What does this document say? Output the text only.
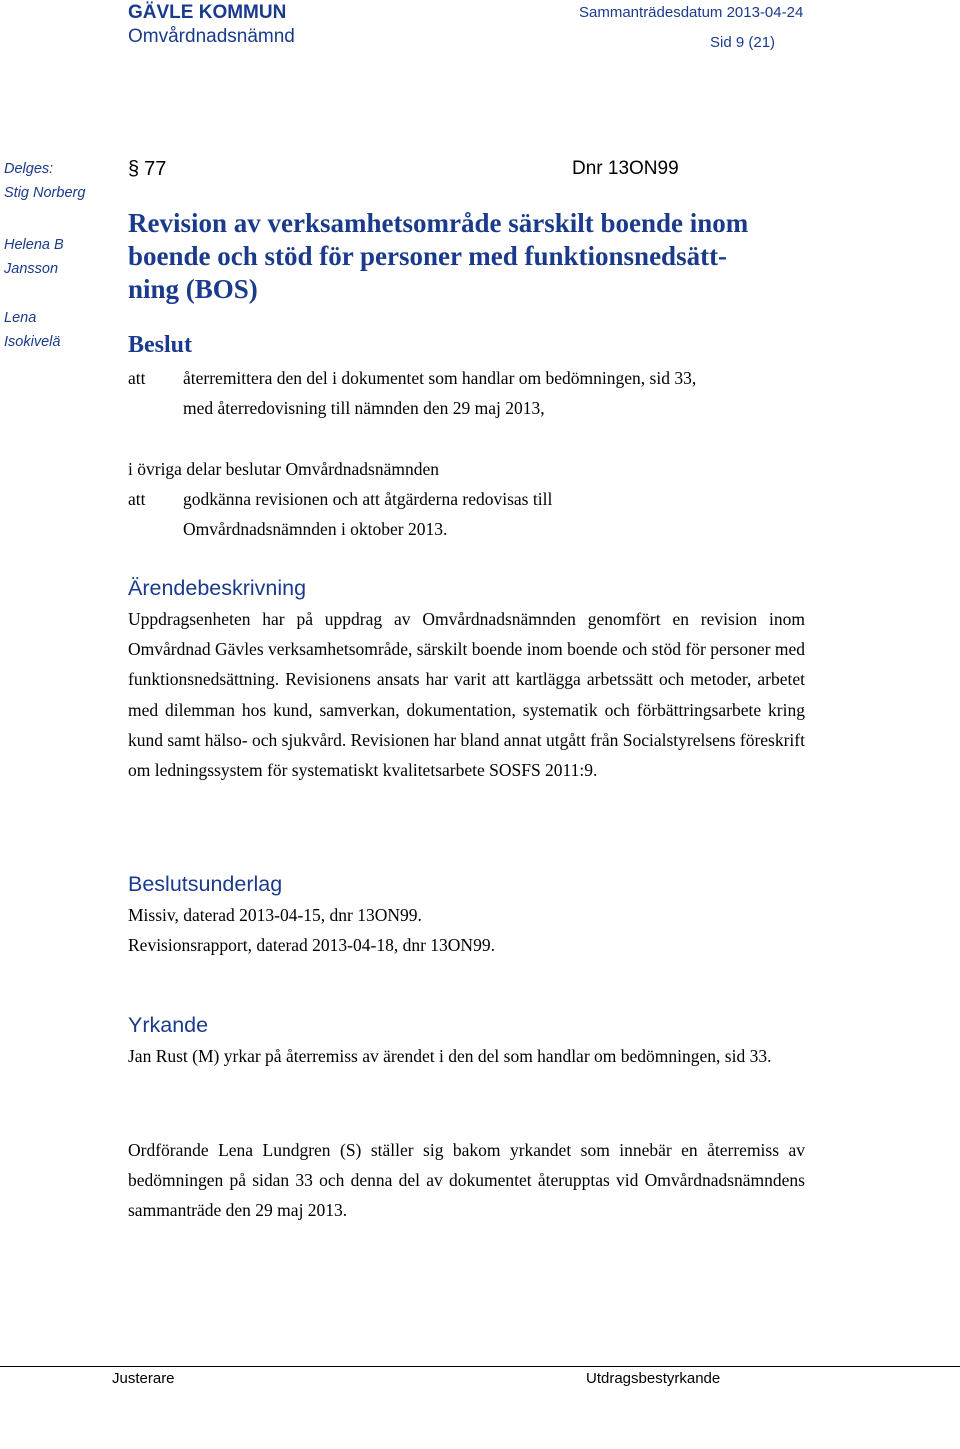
GÄVLE KOMMUN
Omvårdnadsnämnd
Sammanträdesdatum 2013-04-24
Sid 9 (21)
Delges:
Stig Norberg
Helena B
Jansson
Lena
Isokivelä
§ 77	Dnr 13ON99
Revision av verksamhetsområde särskilt boende inom
boende och stöd för personer med funktionsnedsätt-
ning (BOS)
Beslut
att återremittera den del i dokumentet som handlar om bedömningen, sid 33,
med återredovisning till nämnden den 29 maj 2013,
i övriga delar beslutar Omvårdnadsnämnden
att godkänna revisionen och att åtgärderna redovisas till
Omvårdnadsnämnden i oktober 2013.
Ärendebeskrivning
Uppdragsenheten har på uppdrag av Omvårdnadsnämnden genomfört en revision inom Omvårdnad Gävles verksamhetsområde, särskilt boende inom boende och stöd för personer med funktionsnedsättning. Revisionens ansats har varit att kartlägga arbetssätt och metoder, arbetet med dilemman hos kund, samverkan, dokumentation, systematik och förbättringsarbete kring kund samt hälso- och sjukvård. Revisionen har bland annat utgått från Socialstyrelsens föreskrift om ledningssystem för systematiskt kvalitetsarbete SOSFS 2011:9.
Beslutsunderlag
Missiv, daterad 2013-04-15, dnr 13ON99.
Revisionsrapport, daterad 2013-04-18, dnr 13ON99.
Yrkande
Jan Rust (M) yrkar på återremiss av ärendet i den del som handlar om bedömningen, sid 33.
Ordförande Lena Lundgren (S) ställer sig bakom yrkandet som innebär en återremiss av bedömningen på sidan 33 och denna del av dokumentet återupptas vid Omvårdnadsnämndens sammanträde den 29 maj 2013.
Justerare	Utdragsbestyrkande
